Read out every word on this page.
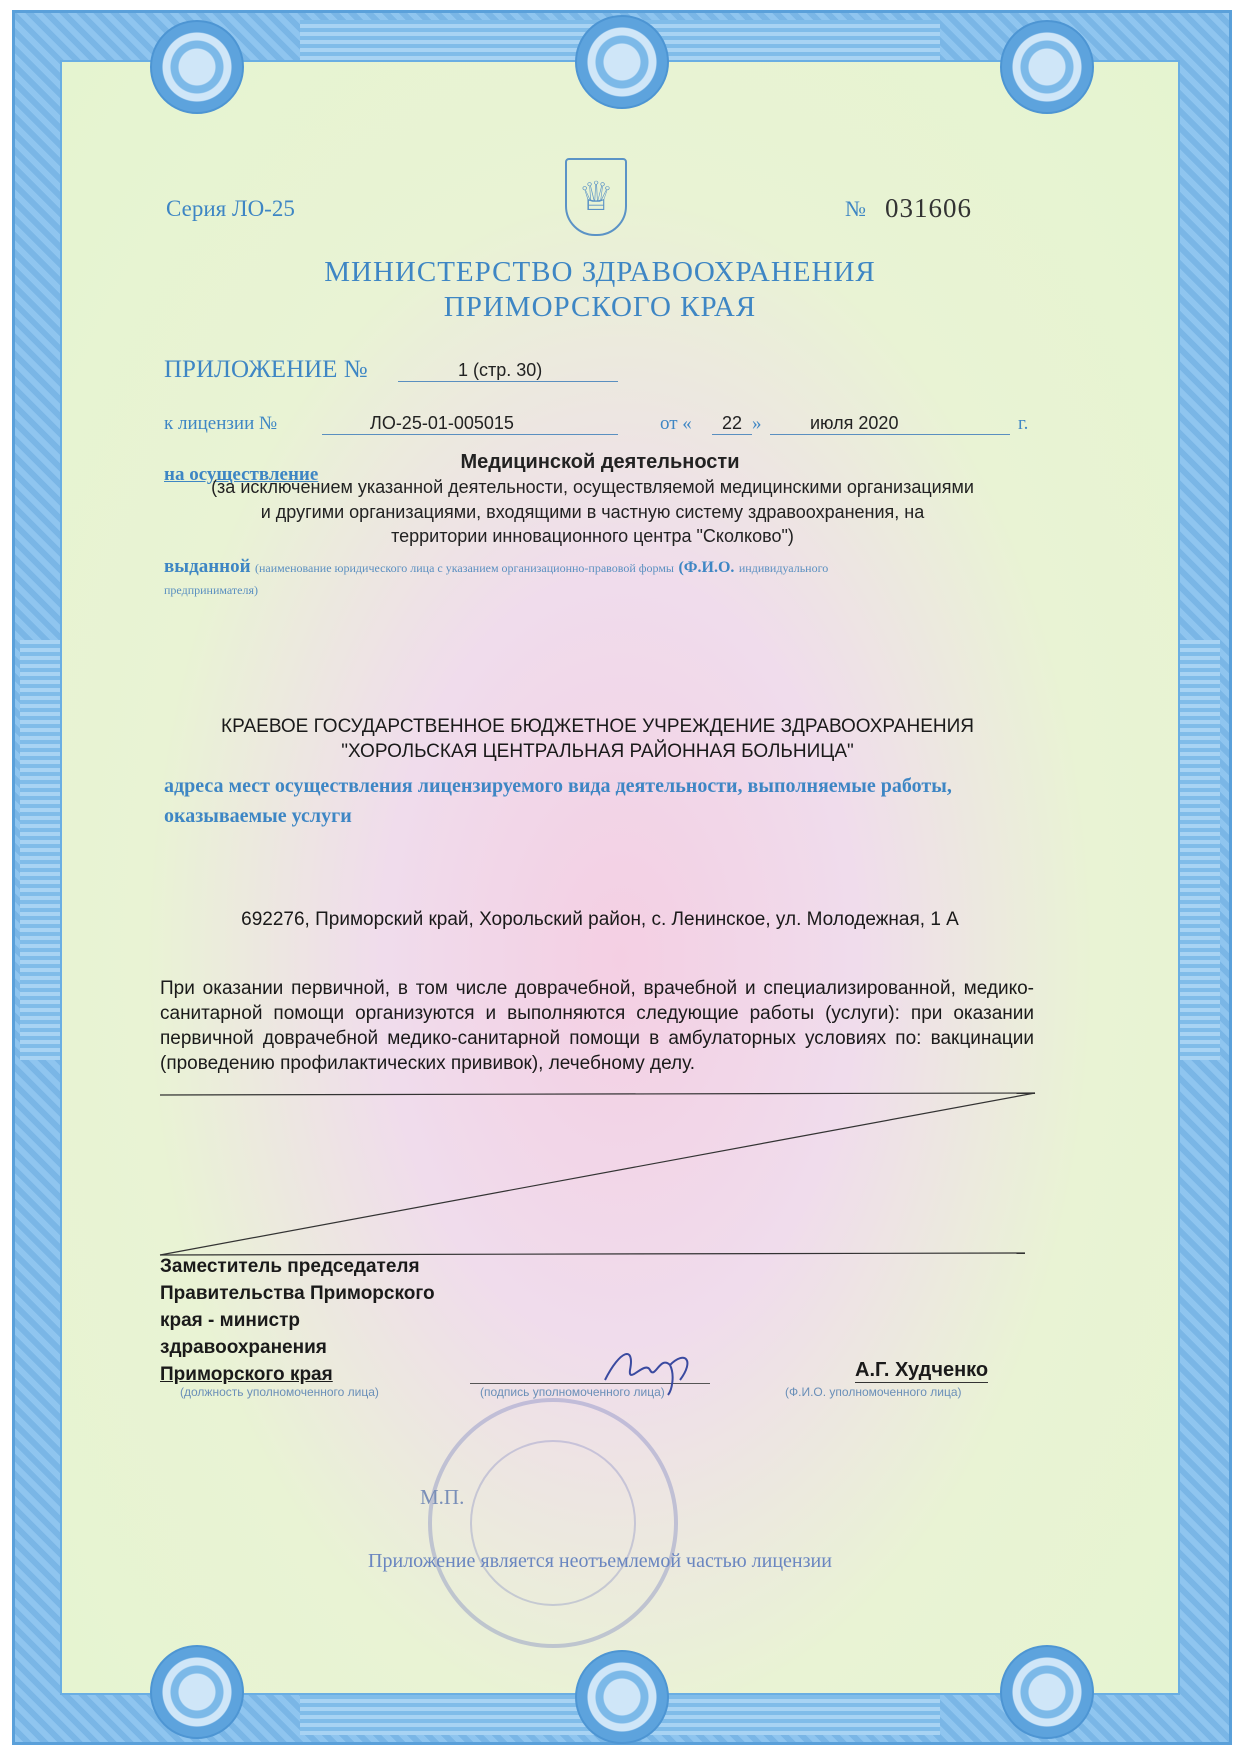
Серия ЛО-25	♕	№ 031606
МИНИСТЕРСТВО ЗДРАВООХРАНЕНИЯ
ПРИМОРСКОГО КРАЯ
ПРИЛОЖЕНИЕ №	1 (стр. 30)
к лицензии №	ЛО-25-01-005015	от «	22 »	июля 2020	г.
Медицинской деятельности
на осуществление
(за исключением указанной деятельности, осуществляемой медицинскими организациями
и другими организациями, входящими в частную систему здравоохранения, на
территории инновационного центра "Сколково")
выданной (наименование юридического лица с указанием организационно-правовой формы (Ф.И.О. индивидуального
предпринимателя)
КРАЕВОЕ ГОСУДАРСТВЕННОЕ БЮДЖЕТНОЕ УЧРЕЖДЕНИЕ ЗДРАВООХРАНЕНИЯ
"ХОРОЛЬСКАЯ ЦЕНТРАЛЬНАЯ РАЙОННАЯ БОЛЬНИЦА"
адреса мест осуществления лицензируемого вида деятельности, выполняемые работы,
оказываемые услуги
692276, Приморский край, Хорольский район, с. Ленинское, ул. Молодежная, 1 А
При оказании первичной, в том числе доврачебной, врачебной и специализированной, медико-санитарной помощи организуются и выполняются следующие работы (услуги): при оказании первичной доврачебной медико-санитарной помощи в амбулаторных условиях по: вакцинации (проведению профилактических прививок), лечебному делу.
Заместитель председателя
Правительства Приморского
края - министр
здравоохранения
Приморского края
(должность уполномоченного лица)	(подпись уполномоченного лица)
А.Г. Худченко
(Ф.И.О. уполномоченного лица)
М.П.
Приложение является неотъемлемой частью лицензии
